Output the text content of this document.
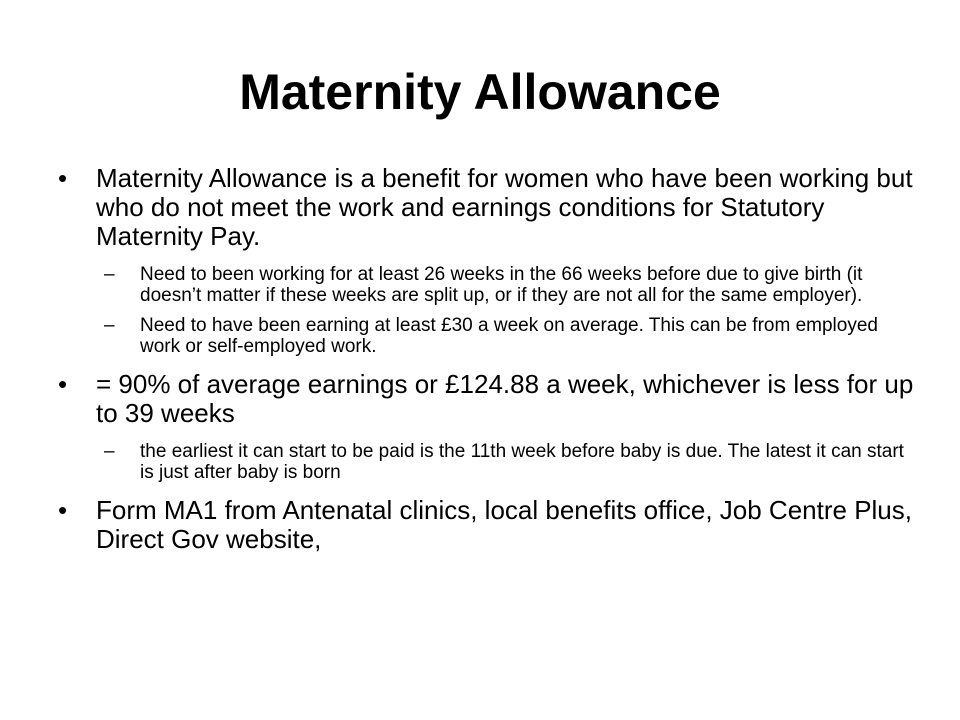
Maternity Allowance
• Maternity Allowance is a benefit for women who have been working but who do not meet the work and earnings conditions for Statutory Maternity Pay.
– Need to been working for at least 26 weeks in the 66 weeks before due to give birth (it doesn’t matter if these weeks are split up, or if they are not all for the same employer).
– Need to have been earning at least £30 a week on average. This can be from employed work or self-employed work.
• = 90% of average earnings or £124.88 a week, whichever is less for up to 39 weeks
– the earliest it can start to be paid is the 11th week before baby is due. The latest it can start is just after baby is born
• Form MA1 from Antenatal clinics, local benefits office, Job Centre Plus, Direct Gov website,
